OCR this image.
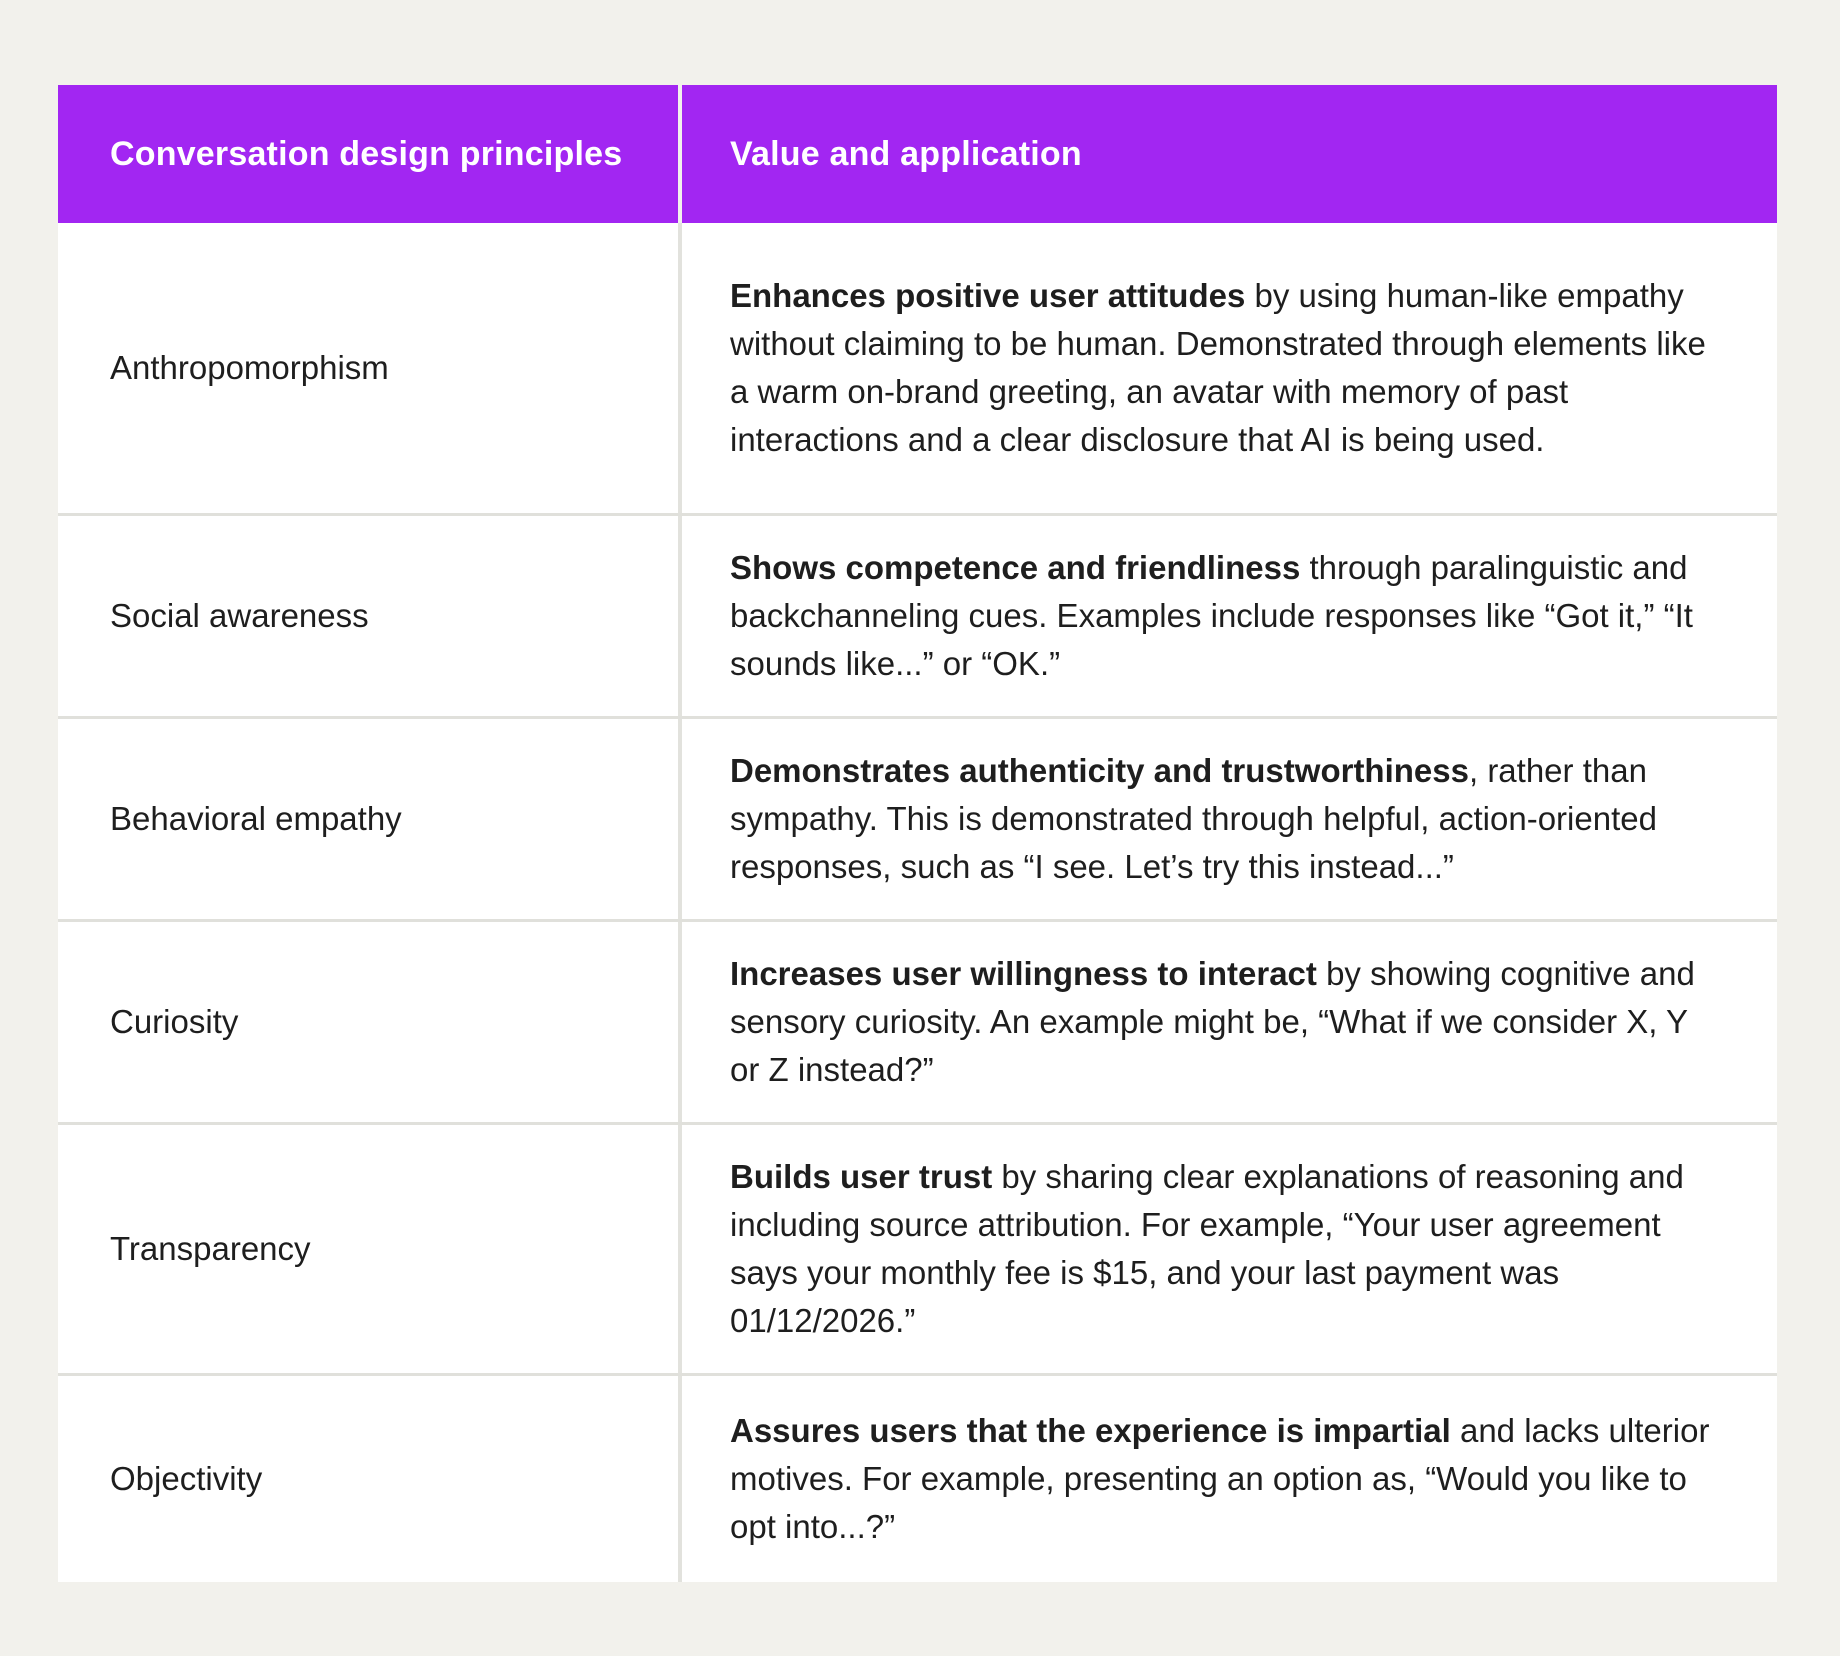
Conversation design principles	Value and application
Anthropomorphism
Enhances positive user attitudes by using human-like empathy without claiming to be human. Demonstrated through elements like a warm on-brand greeting, an avatar with memory of past interactions and a clear disclosure that AI is being used.
Social awareness
Shows competence and friendliness through paralinguistic and backchanneling cues. Examples include responses like “Got it,” “It sounds like...” or “OK.”
Behavioral empathy
Demonstrates authenticity and trustworthiness, rather than sympathy. This is demonstrated through helpful, action-oriented responses, such as “I see. Let’s try this instead...”
Curiosity
Increases user willingness to interact by showing cognitive and sensory curiosity. An example might be, “What if we consider X, Y or Z instead?”
Transparency
Builds user trust by sharing clear explanations of reasoning and including source attribution. For example, “Your user agreement says your monthly fee is $15, and your last payment was 01/12/2026.”
Objectivity
Assures users that the experience is impartial and lacks ulterior motives. For example, presenting an option as, “Would you like to opt into...?”
